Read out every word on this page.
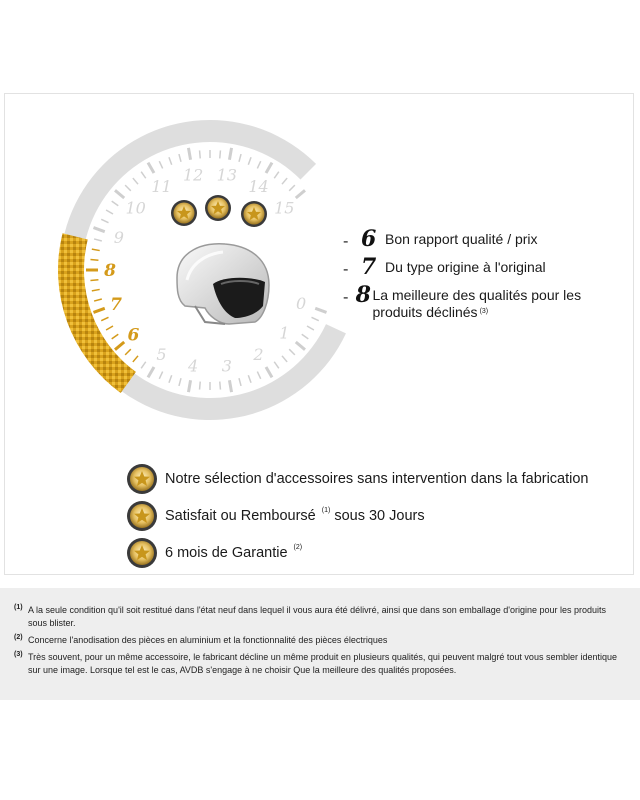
0
1
2
3
4
5
6
7
8
9
10
11
12 13
14
15
- 6 Bon rapport qualité / prix
- 7 Du type origine à l'original
- 8 La meilleure des qualités pour les produits déclinés $^{(3)}$
Notre sélection d'accessoires sans intervention dans la fabrication
Satisfait ou Remboursé $^{(1)}$ sous 30 Jours
6 mois de Garantie $^{(2)}$
(1) A la seule condition qu'il soit restitué dans l'état neuf dans lequel il vous aura été délivré, ainsi que dans son emballage d'origine pour les produits sous blister.
(2) Concerne l'anodisation des pièces en aluminium et la fonctionnalité des pièces électriques
(3) Très souvent, pour un même accessoire, le fabricant décline un même produit en plusieurs qualités, qui peuvent malgré tout vous sembler identique sur une image. Lorsque tel est le cas, AVDB s'engage à ne choisir Que la meilleure des qualités proposées.
